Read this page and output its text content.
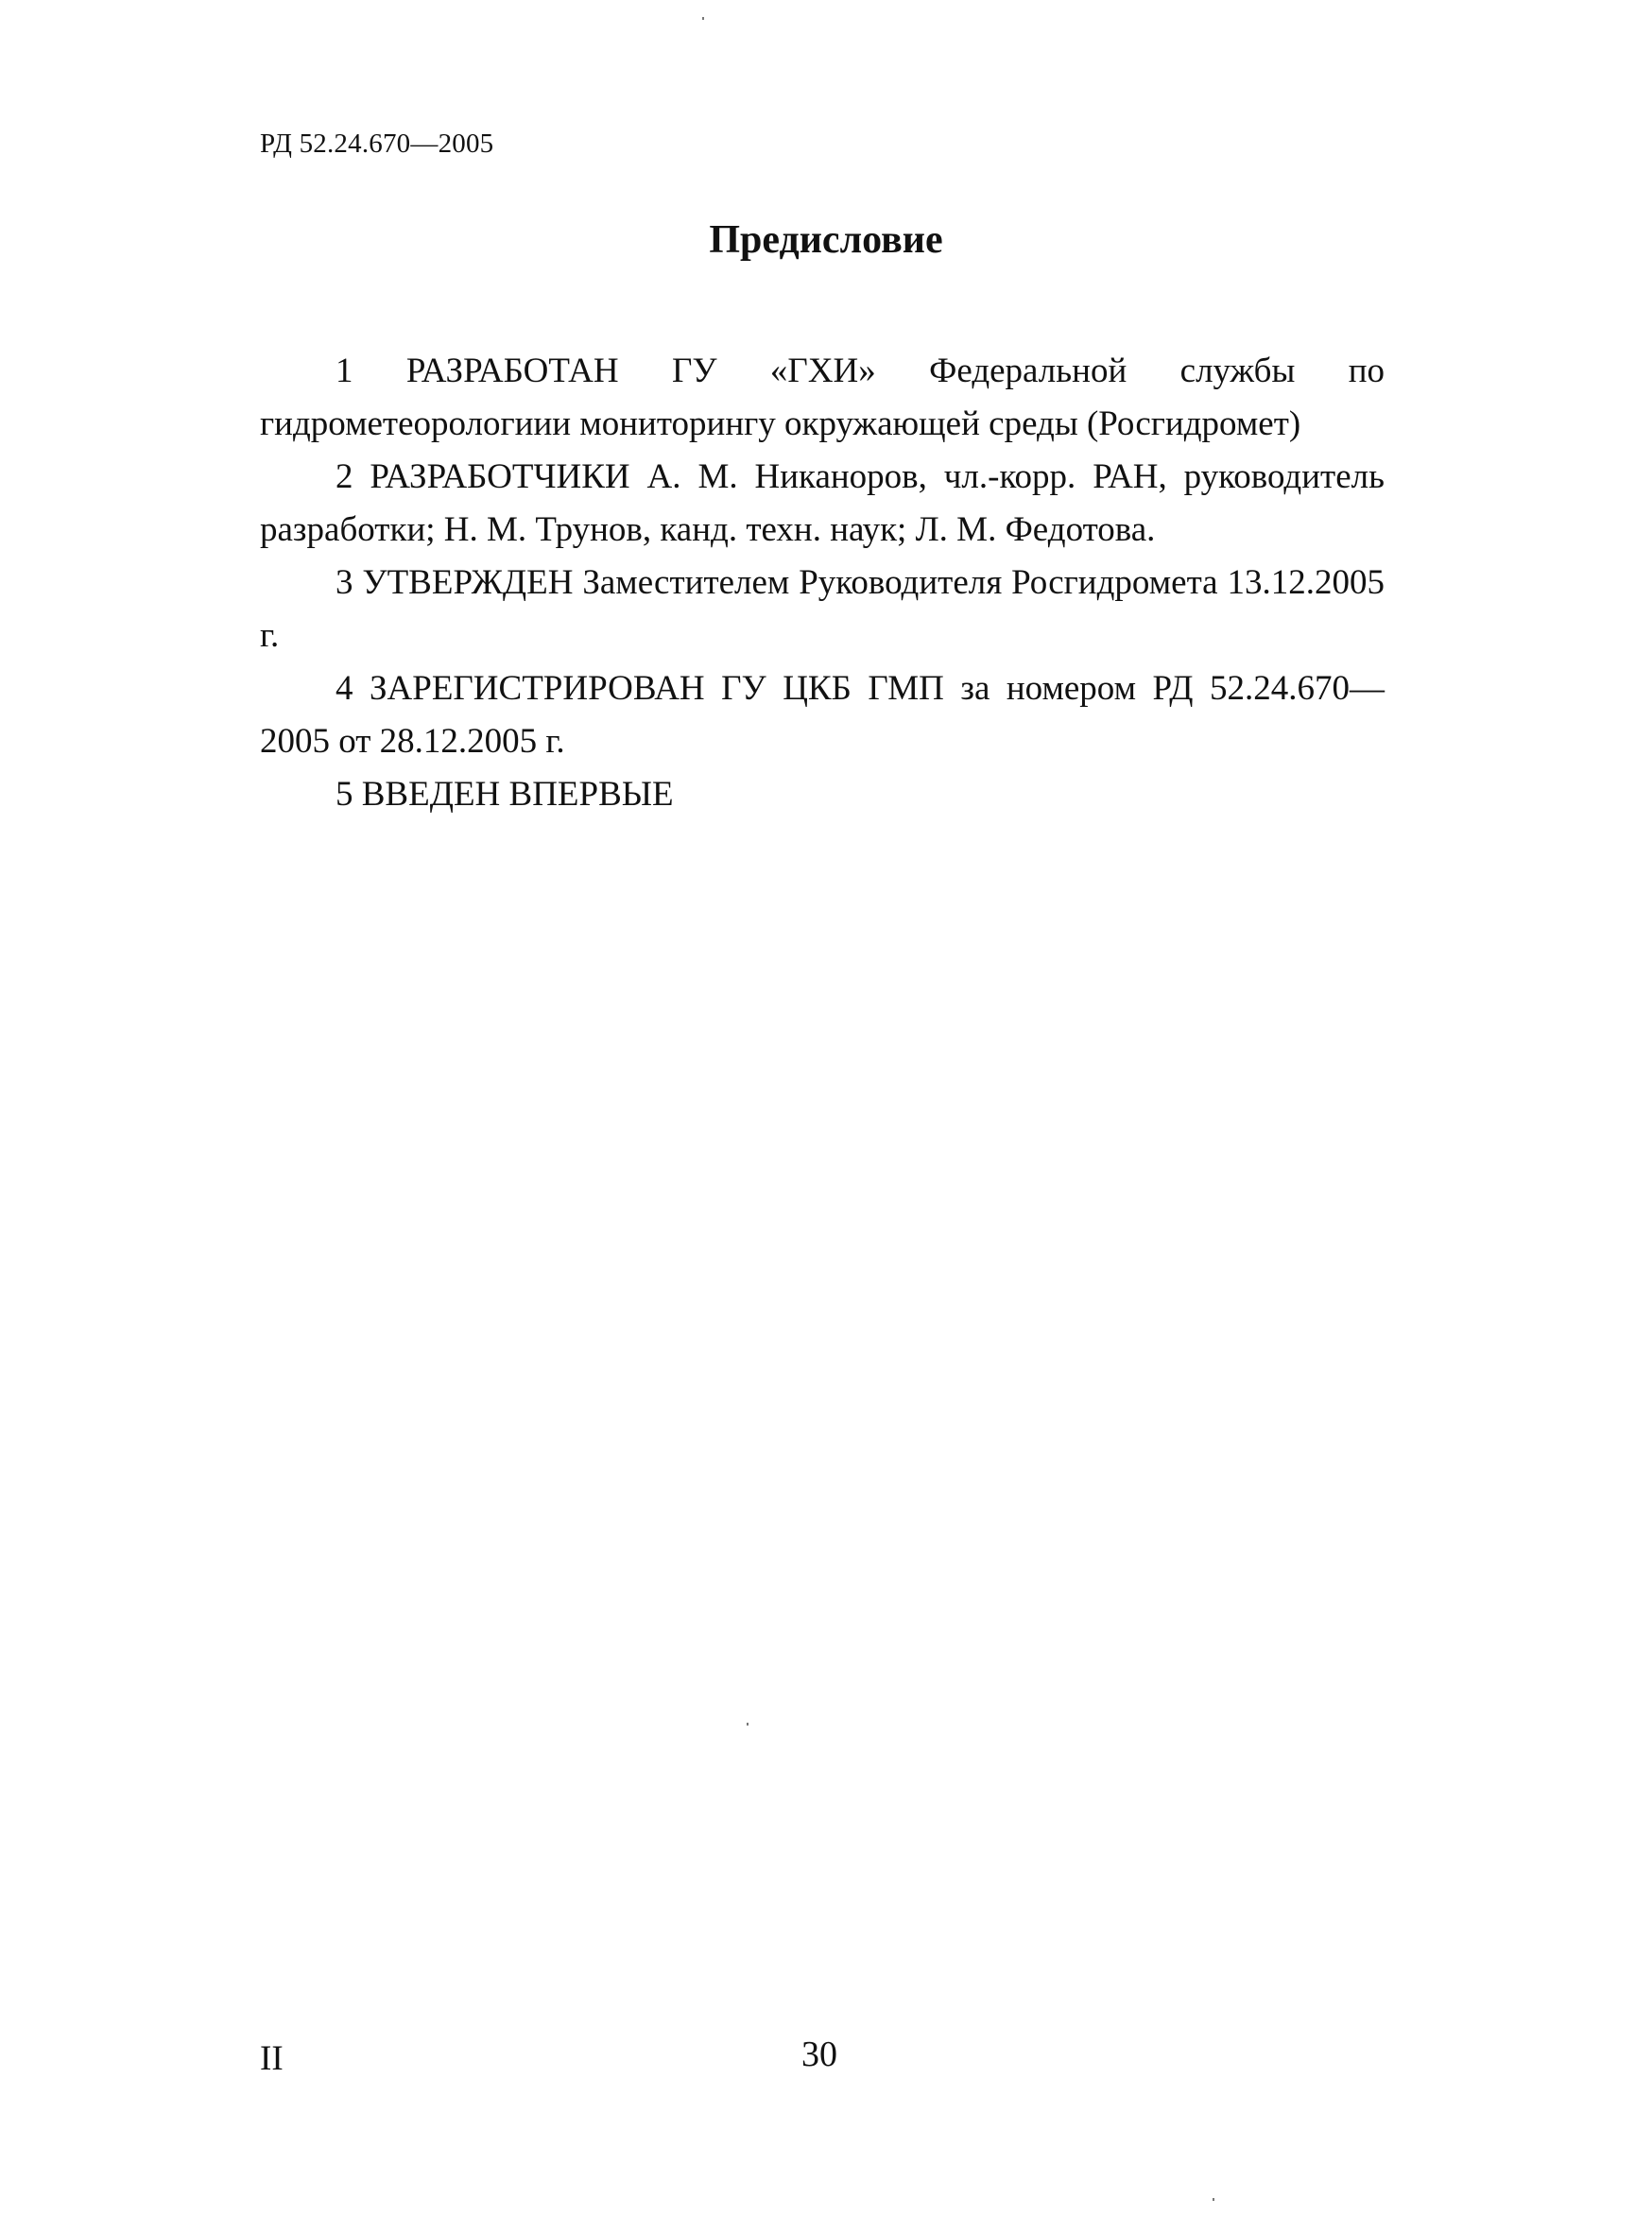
РД 52.24.670—2005
Предисловие

1 РАЗРАБОТАН ГУ «ГХИ» Федеральной службы по гидрометеорологиии мониторингу окружающей среды (Росгидромет)

2 РАЗРАБОТЧИКИ А. М. Никаноров, чл.-корр. РАН, руководитель разработки; Н. М. Трунов, канд. техн. наук; Л. М. Федотова.

3 УТВЕРЖДЕН Заместителем Руководителя Росгидромета 13.12.2005 г.

4 ЗАРЕГИСТРИРОВАН ГУ ЦКБ ГМП за номером РД 52.24.670—2005 от 28.12.2005 г.

5 ВВЕДЕН ВПЕРВЫЕ

II	30
